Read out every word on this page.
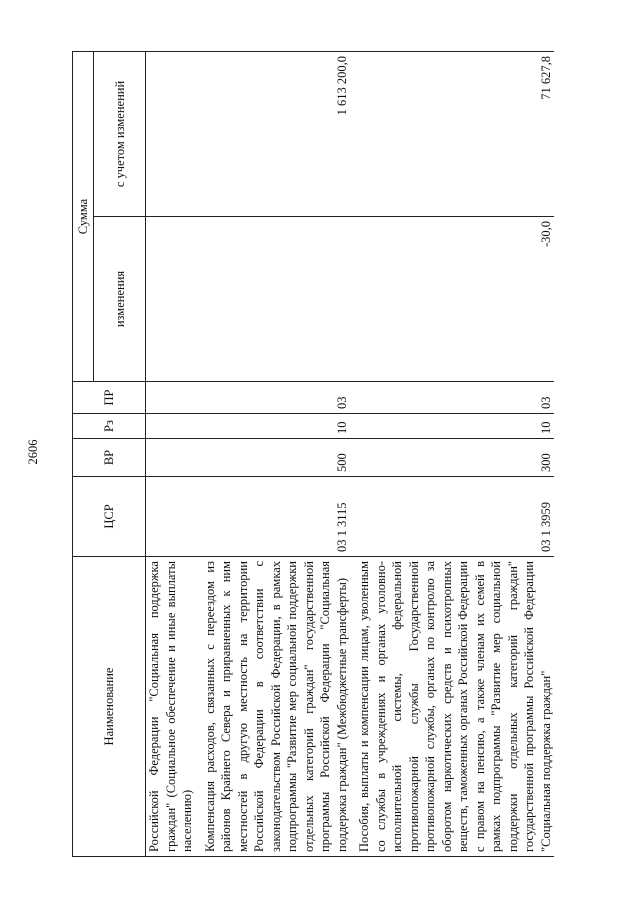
2606
Наименование	ЦСР	ВР	Рз	ПР	Сумма	
					изменения	с учетом изменений
Российской Федерации "Социальная поддержка граждан" (Социальное обеспечение и иные выплаты населению)						
Компенсация расходов, связанных с переездом из районов Крайнего Севера и приравненных к ним местностей в другую местность на территории Российской Федерации в соответствии с законодательством Российской Федерации, в рамках подпрограммы "Развитие мер социальной поддержки отдельных категорий граждан" государственной программы Российской Федерации "Социальная поддержка граждан" (Межбюджетные трансферты)	03 1 3115	500	10	03		1 613 200,0
Пособия, выплаты и компенсации лицам, уволенным со службы в учреждениях и органах уголовно-исполнительной системы, федеральной противопожарной службы Государственной противопожарной службы, органах по контролю за оборотом наркотических средств и психотропных веществ, таможенных органах Российской Федерации с правом на пенсию, а также членам их семей в рамках подпрограммы "Развитие мер социальной поддержки отдельных категорий граждан" государственной программы Российской Федерации "Социальная поддержка граждан"	03 1 3959	300	10	03	-30,0	71 627,8
